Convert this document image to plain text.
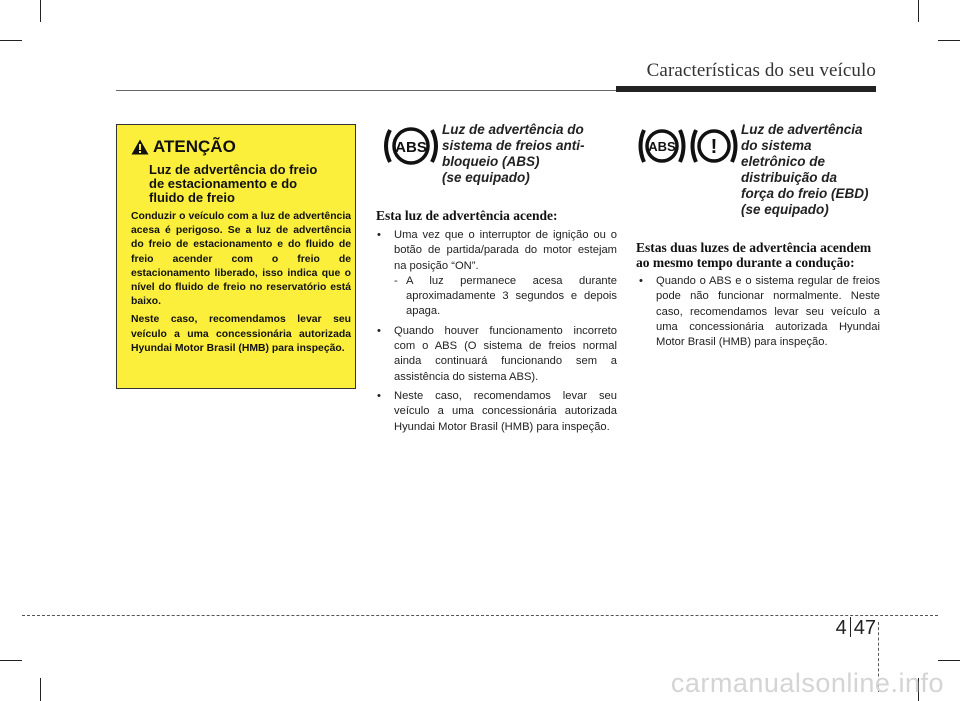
Características do seu veículo
ATENÇÃO
Luz de advertência do freio
de estacionamento e do
fluido de freio

Conduzir o veículo com a luz de advertência acesa é perigoso. Se a luz de advertência do freio de estacionamento e do fluido de freio acender com o freio de estacionamento liberado, isso indica que o nível do fluido de freio no reservatório está baixo.

Neste caso, recomendamos levar seu veículo a uma concessionária autorizada Hyundai Motor Brasil (HMB) para inspeção.

ABS
Luz de advertência do
sistema de freios anti-
bloqueio (ABS)
(se equipado)
Esta luz de advertência acende:
• Uma vez que o interruptor de ignição ou o botão de partida/parada do motor estejam na posição “ON”.
- A luz permanece acesa durante aproximadamente 3 segundos e depois apaga.
• Quando houver funcionamento incorreto com o ABS (O sistema de freios normal ainda continuará funcionando sem a assistência do sistema ABS).
• Neste caso, recomendamos levar seu veículo a uma concessionária autorizada Hyundai Motor Brasil (HMB) para inspeção.
ABS !
Luz de advertência
do sistema
eletrônico de
distribuição da
força do freio (EBD)
(se equipado)
Estas duas luzes de advertência acendem ao mesmo tempo durante a condução:
• Quando o ABS e o sistema regular de freios pode não funcionar normalmente. Neste caso, recomendamos levar seu veículo a uma concessionária autorizada Hyundai Motor Brasil (HMB) para inspeção.
4 47
carmanualsonline.info
